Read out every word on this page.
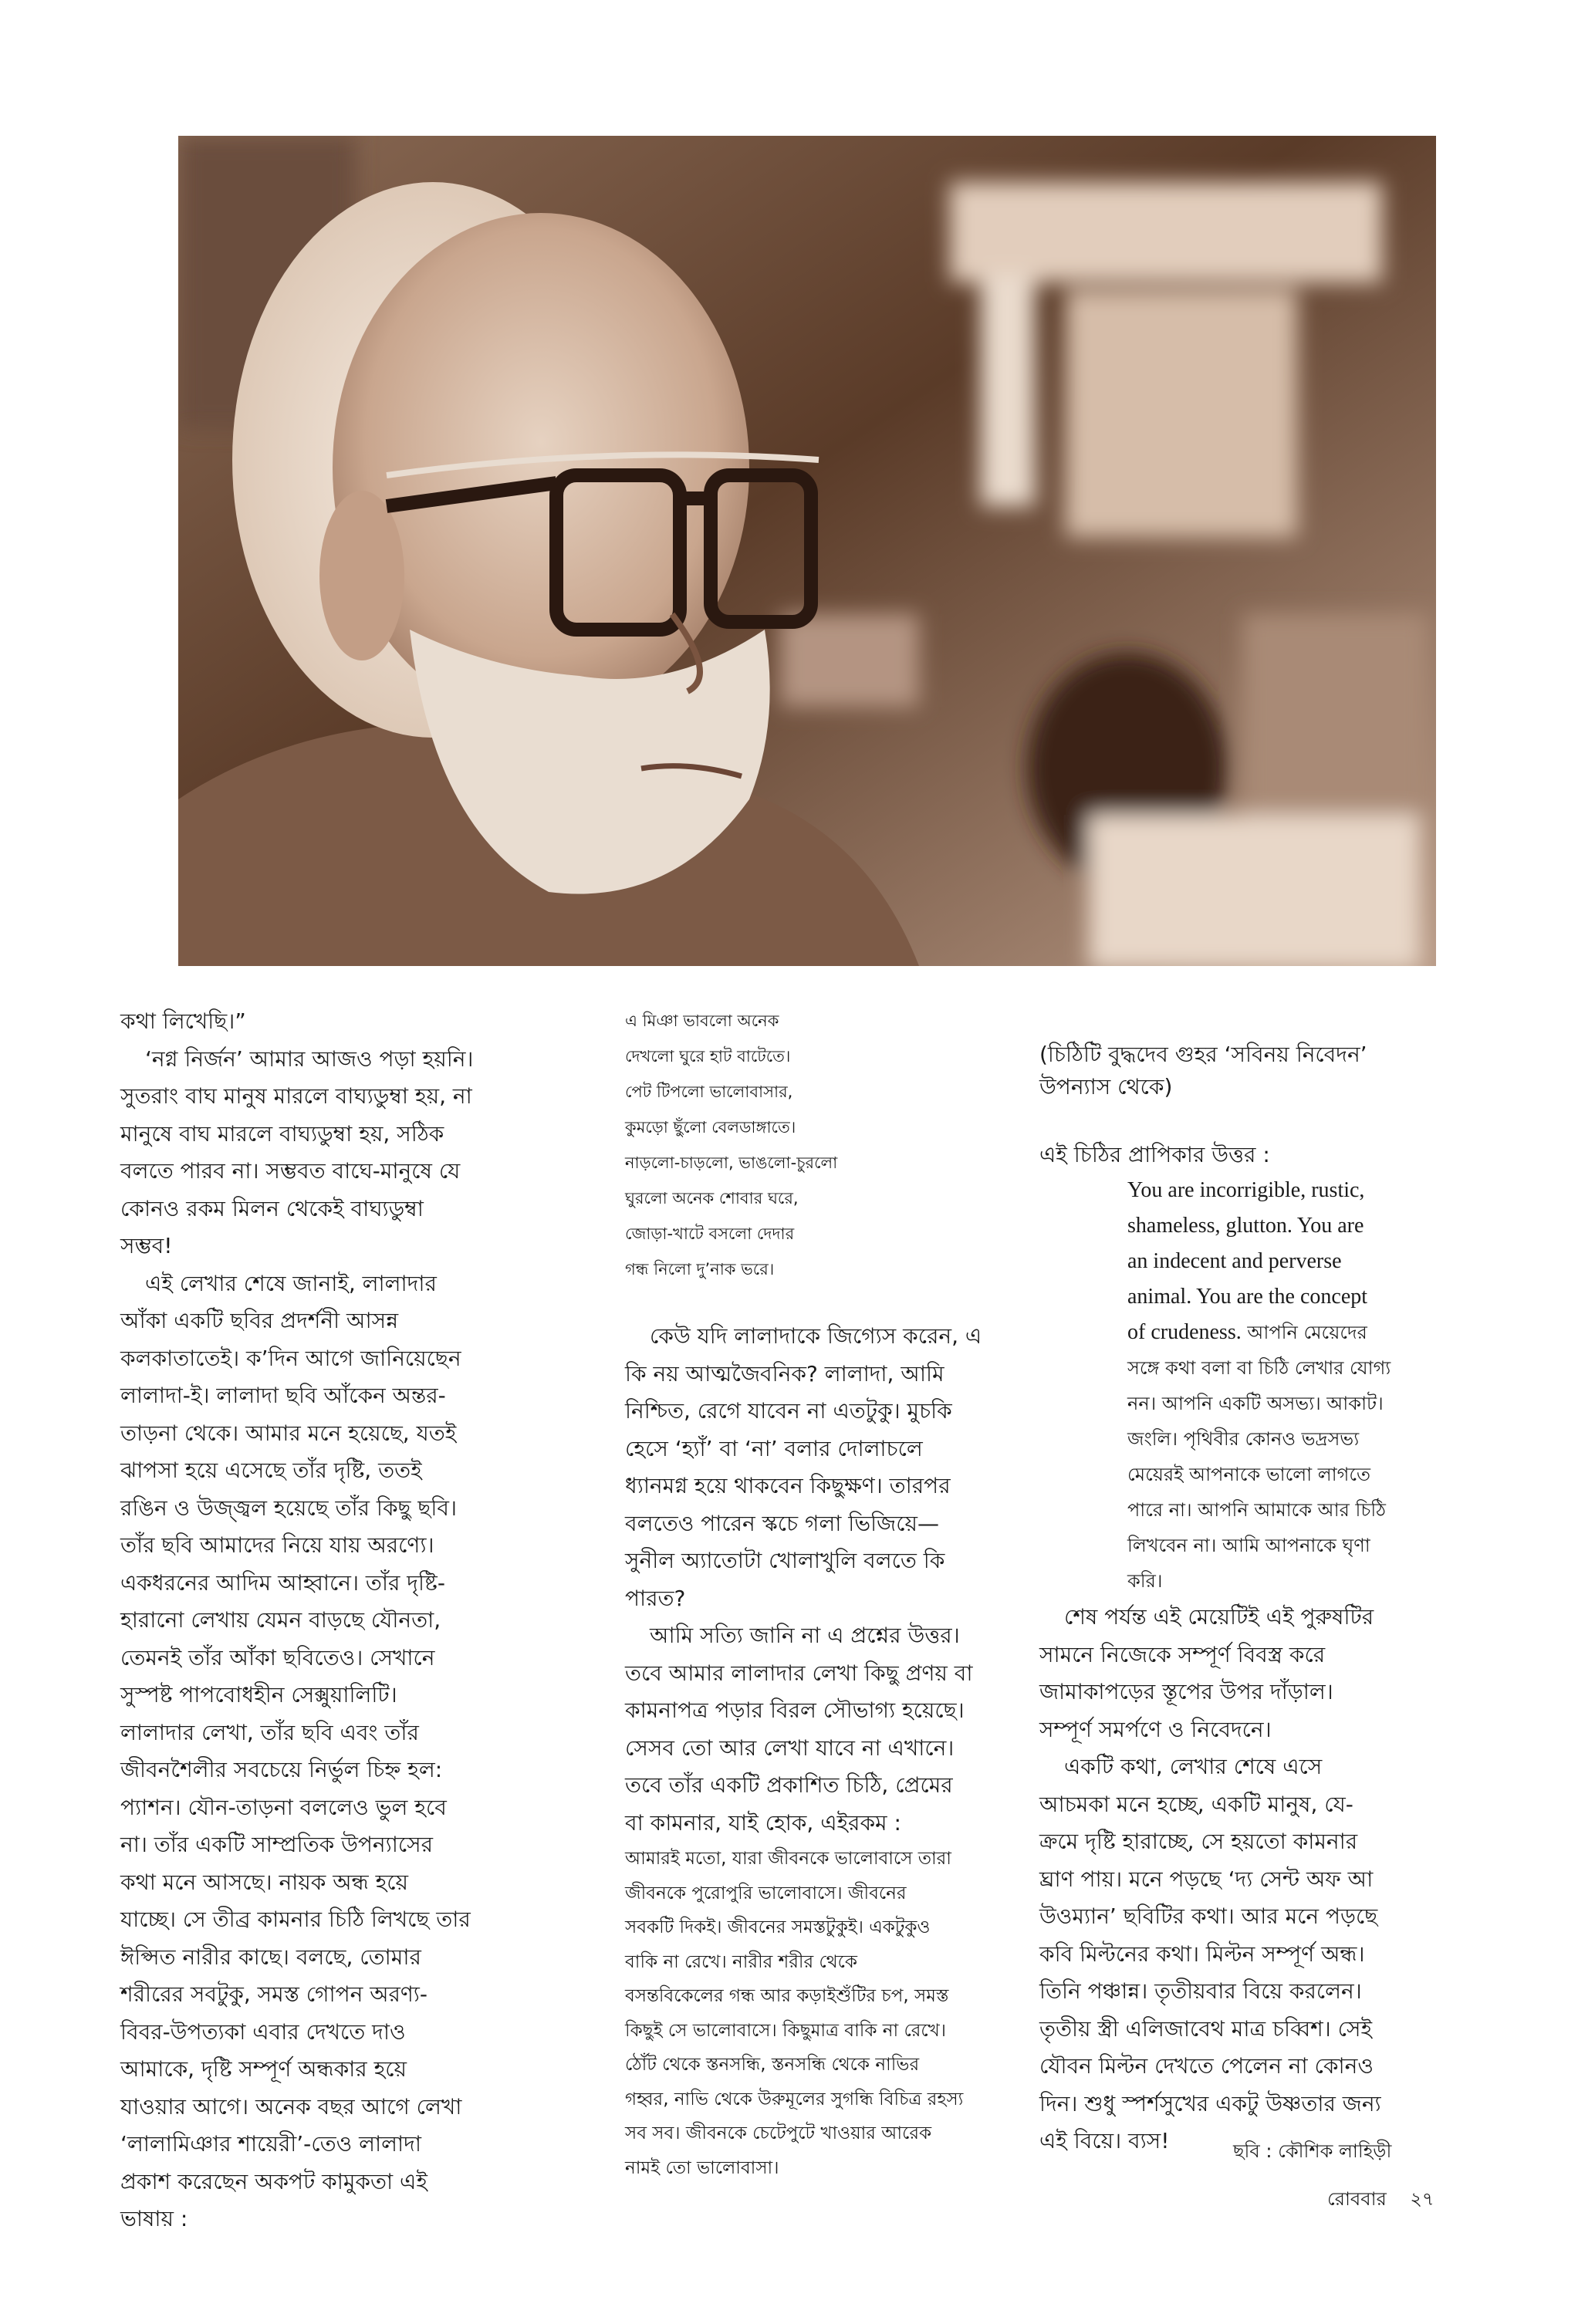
কথা লিখেছি।”

‘নগ্ন নির্জন’ আমার আজও পড়া হয়নি।
সুতরাং বাঘ মানুষ মারলে বাঘ্যডুম্বা হয়, না
মানুষে বাঘ মারলে বাঘ্যডুম্বা হয়, সঠিক
বলতে পারব না। সম্ভবত বাঘে-মানুষে যে
কোনও রকম মিলন থেকেই বাঘ্যডুম্বা
সম্ভব!

এই লেখার শেষে জানাই, লালাদার
আঁকা একটি ছবির প্রদর্শনী আসন্ন
কলকাতাতেই। ক’দিন আগে জানিয়েছেন
লালাদা-ই। লালাদা ছবি আঁকেন অন্তর-
তাড়না থেকে। আমার মনে হয়েছে, যতই
ঝাপসা হয়ে এসেছে তাঁর দৃষ্টি, ততই
রঙিন ও উজ্জ্বল হয়েছে তাঁর কিছু ছবি।
তাঁর ছবি আমাদের নিয়ে যায় অরণ্যে।
একধরনের আদিম আহ্বানে। তাঁর দৃষ্টি-
হারানো লেখায় যেমন বাড়ছে যৌনতা,
তেমনই তাঁর আঁকা ছবিতেও। সেখানে
সুস্পষ্ট পাপবোধহীন সেক্সুয়ালিটি।
লালাদার লেখা, তাঁর ছবি এবং তাঁর
জীবনশৈলীর সবচেয়ে নির্ভুল চিহ্ন হল:
প্যাশন। যৌন-তাড়না বললেও ভুল হবে
না। তাঁর একটি সাম্প্রতিক উপন্যাসের
কথা মনে আসছে। নায়ক অন্ধ হয়ে
যাচ্ছে। সে তীব্র কামনার চিঠি লিখছে তার
ঈপ্সিত নারীর কাছে। বলছে, তোমার
শরীরের সবটুকু, সমস্ত গোপন অরণ্য-
বিবর-উপত্যকা এবার দেখতে দাও
আমাকে, দৃষ্টি সম্পূর্ণ অন্ধকার হয়ে
যাওয়ার আগে। অনেক বছর আগে লেখা
‘লালামিঞার শায়েরী’-তেও লালাদা
প্রকাশ করেছেন অকপট কামুকতা এই
ভাষায় :

এ মিঞা ভাবলো অনেক
দেখলো ঘুরে হাট বাটেতে।
পেট টিপলো ভালোবাসার,
কুমড়ো ছুঁলো বেলডাঙ্গাতে।
নাড়লো-চাড়লো, ভাঙলো-চুরলো
ঘুরলো অনেক শোবার ঘরে,
জোড়া-খাটে বসলো দেদার
গন্ধ নিলো দু’নাক ভরে।

কেউ যদি লালাদাকে জিগ্যেস করেন, এ
কি নয় আত্মজৈবনিক? লালাদা, আমি
নিশ্চিত, রেগে যাবেন না এতটুকু। মুচকি
হেসে ‘হ্যাঁ’ বা ‘না’ বলার দোলাচলে
ধ্যানমগ্ন হয়ে থাকবেন কিছুক্ষণ। তারপর
বলতেও পারেন স্কচে গলা ভিজিয়ে—
সুনীল অ্যাতোটা খোলাখুলি বলতে কি
পারত?

আমি সত্যি জানি না এ প্রশ্নের উত্তর।
তবে আমার লালাদার লেখা কিছু প্রণয় বা
কামনাপত্র পড়ার বিরল সৌভাগ্য হয়েছে।
সেসব তো আর লেখা যাবে না এখানে।
তবে তাঁর একটি প্রকাশিত চিঠি, প্রেমের
বা কামনার, যাই হোক, এইরকম :

আমারই মতো, যারা জীবনকে ভালোবাসে তারা
জীবনকে পুরোপুরি ভালোবাসে। জীবনের
সবকটি দিকই। জীবনের সমস্তটুকুই। একটুকুও
বাকি না রেখে। নারীর শরীর থেকে
বসন্তবিকেলের গন্ধ আর কড়াইশুঁটির চপ, সমস্ত
কিছুই সে ভালোবাসে। কিছুমাত্র বাকি না রেখে।
ঠোঁট থেকে স্তনসন্ধি, স্তনসন্ধি থেকে নাভির
গহ্বর, নাভি থেকে উরুমূলের সুগন্ধি বিচিত্র রহস্য
সব সব। জীবনকে চেটেপুটে খাওয়ার আরেক
নামই তো ভালোবাসা।
(চিঠিটি বুদ্ধদেব গুহর ‘সবিনয় নিবেদন’
উপন্যাস থেকে)
এই চিঠির প্রাপিকার উত্তর :
You are incorrigible, rustic,
shameless, glutton. You are
an indecent and perverse
animal. You are the concept
of crudeness. আপনি মেয়েদের
সঙ্গে কথা বলা বা চিঠি লেখার যোগ্য
নন। আপনি একটি অসভ্য। আকাট।
জংলি। পৃথিবীর কোনও ভদ্রসভ্য
মেয়েরই আপনাকে ভালো লাগতে
পারে না। আপনি আমাকে আর চিঠি
লিখবেন না। আমি আপনাকে ঘৃণা
করি।

শেষ পর্যন্ত এই মেয়েটিই এই পুরুষটির
সামনে নিজেকে সম্পূর্ণ বিবস্ত্র করে
জামাকাপড়ের স্তূপের উপর দাঁড়াল।
সম্পূর্ণ সমর্পণে ও নিবেদনে।

একটি কথা, লেখার শেষে এসে
আচমকা মনে হচ্ছে, একটি মানুষ, যে-
ক্রমে দৃষ্টি হারাচ্ছে, সে হয়তো কামনার
ঘ্রাণ পায়। মনে পড়ছে ‘দ্য সেন্ট অফ আ
উওম্যান’ ছবিটির কথা। আর মনে পড়ছে
কবি মিল্টনের কথা। মিল্টন সম্পূর্ণ অন্ধ।
তিনি পঞ্চান্ন। তৃতীয়বার বিয়ে করলেন।
তৃতীয় স্ত্রী এলিজাবেথ মাত্র চব্বিশ। সেই
যৌবন মিল্টন দেখতে পেলেন না কোনও
দিন। শুধু স্পর্শসুখের একটু উষ্ণতার জন্য
এই বিয়ে। ব্যস!	ছবি : কৌশিক লাহিড়ী
রোববার ২৭
